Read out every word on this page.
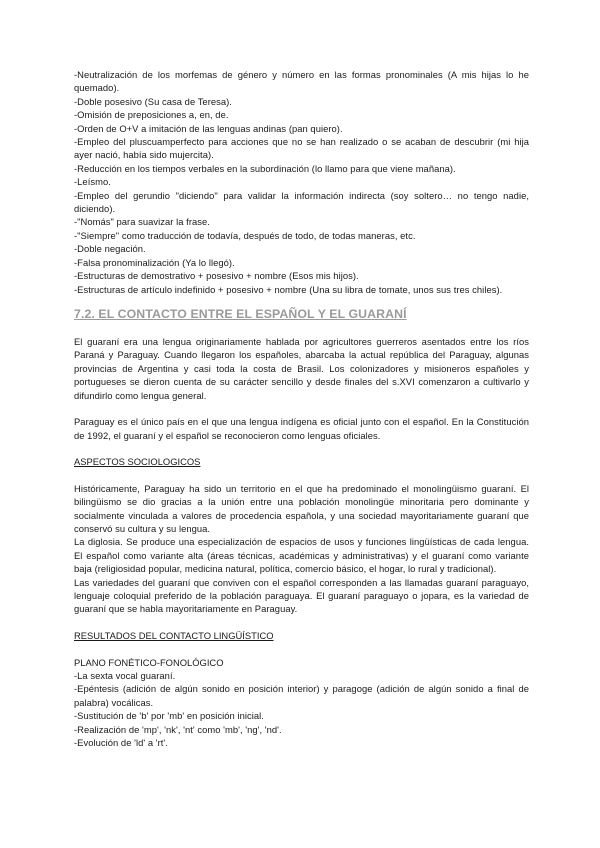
-Neutralización de los morfemas de género y número en las formas pronominales (A mis hijas lo he quemado).

-Doble posesivo (Su casa de Teresa).

-Omisión de preposiciones a, en, de.

-Orden de O+V a imitación de las lenguas andinas (pan quiero).

-Empleo del pluscuamperfecto para acciones que no se han realizado o se acaban de descubrir (mi hija ayer nació, había sido mujercita).

-Reducción en los tiempos verbales en la subordinación (lo llamo para que viene mañana).

-Leísmo.

-Empleo del gerundio "diciendo" para validar la información indirecta (soy soltero… no tengo nadie, diciendo).

-"Nomás" para suavizar la frase.

-"Siempre" como traducción de todavía, después de todo, de todas maneras, etc.

-Doble negación.

-Falsa pronominalización (Ya lo llegó).

-Estructuras de demostrativo + posesivo + nombre (Esos mis hijos).

-Estructuras de artículo indefinido + posesivo + nombre (Una su libra de tomate, unos sus tres chiles).

7.2. EL CONTACTO ENTRE EL ESPAÑOL Y EL GUARANÍ

El guaraní era una lengua originariamente hablada por agricultores guerreros asentados entre los ríos Paraná y Paraguay. Cuando llegaron los españoles, abarcaba la actual república del Paraguay, algunas provincias de Argentina y casi toda la costa de Brasil. Los colonizadores y misioneros españoles y portugueses se dieron cuenta de su carácter sencillo y desde finales del s.XVI comenzaron a cultivarlo y difundirlo como lengua general.

Paraguay es el único país en el que una lengua indígena es oficial junto con el español. En la Constitución de 1992, el guaraní y el español se reconocieron como lenguas oficiales.

ASPECTOS SOCIOLOGICOS

Históricamente, Paraguay ha sido un territorio en el que ha predominado el monolingüismo guaraní. El bilingüismo se dio gracias a la unión entre una población monolingüe minoritaria pero dominante y socialmente vinculada a valores de procedencia española, y una sociedad mayoritariamente guaraní que conservó su cultura y su lengua.

La diglosia. Se produce una especialización de espacios de usos y funciones lingüísticas de cada lengua. El español como variante alta (áreas técnicas, académicas y administrativas) y el guaraní como variante baja (religiosidad popular, medicina natural, política, comercio básico, el hogar, lo rural y tradicional).

Las variedades del guaraní que conviven con el español corresponden a las llamadas guaraní paraguayo, lenguaje coloquial preferido de la población paraguaya. El guaraní paraguayo o jopara, es la variedad de guaraní que se habla mayoritariamente en Paraguay.

RESULTADOS DEL CONTACTO LINGÜÍSTICO

PLANO FONÉTICO-FONOLÓGICO

-La sexta vocal guaraní.

-Epéntesis (adición de algún sonido en posición interior) y paragoge (adición de algún sonido a final de palabra) vocálicas.

-Sustitución de 'b' por 'mb' en posición inicial.

-Realización de 'mp', 'nk', 'nt' como 'mb', 'ng', 'nd'.

-Evolución de 'ld' a 'rt'.
